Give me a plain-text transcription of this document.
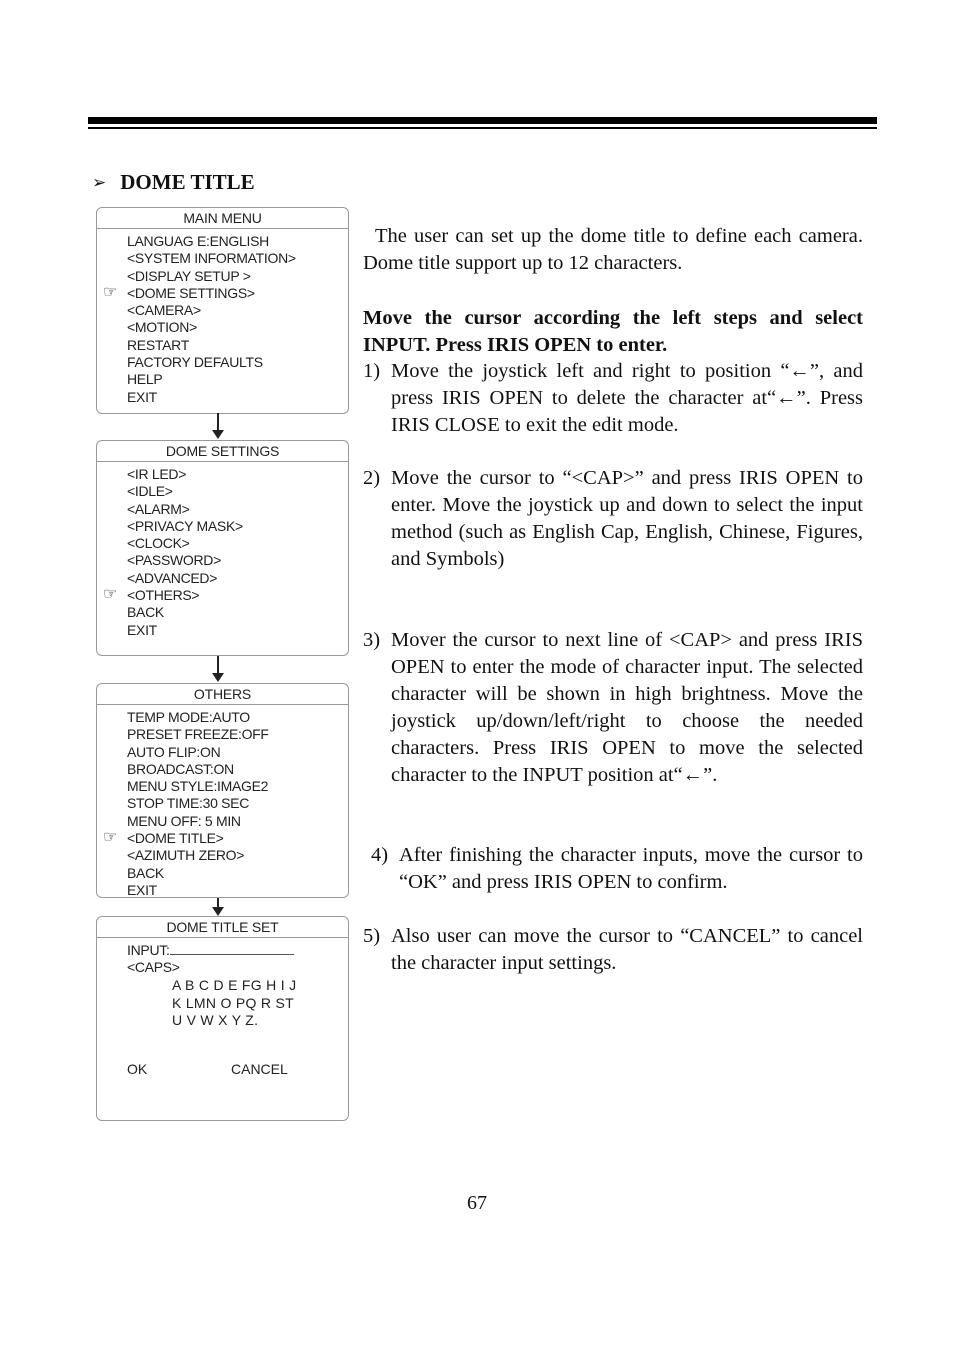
➢ DOME TITLE
MAIN MENU
LANGUAG E:ENGLISH
<SYSTEM INFORMATION>
<DISPLAY SETUP >
☞ <DOME SETTINGS>
<CAMERA>
<MOTION>
RESTART
FACTORY DEFAULTS
HELP
EXIT
DOME SETTINGS
<IR LED>
<IDLE>
<ALARM>
<PRIVACY MASK>
<CLOCK>
<PASSWORD>
<ADVANCED>
☞ <OTHERS>
BACK
EXIT
OTHERS
TEMP MODE:AUTO
PRESET FREEZE:OFF
AUTO FLIP:ON
BROADCAST:ON
MENU STYLE:IMAGE2
STOP TIME:30 SEC
MENU OFF: 5 MIN
☞ <DOME TITLE>
<AZIMUTH ZERO>
BACK
EXIT
DOME TITLE SET
INPUT:
<CAPS>
A B C D E FG H I J
K LMN O PQ R ST
U V W X Y Z.
OK	CANCEL

The user can set up the dome title to define each camera. Dome title support up to 12 characters.

Move the cursor according the left steps and select INPUT. Press IRIS OPEN to enter.

1) Move the joystick left and right to position “←”, and press IRIS OPEN to delete the character at“←”. Press IRIS CLOSE to exit the edit mode.
2) Move the cursor to “<CAP>” and press IRIS OPEN to enter. Move the joystick up and down to select the input method (such as English Cap, English, Chinese, Figures, and Symbols)
3) Mover the cursor to next line of <CAP> and press IRIS OPEN to enter the mode of character input. The selected character will be shown in high brightness. Move the joystick up/down/left/right to choose the needed characters. Press IRIS OPEN to move the selected character to the INPUT position at“←”.
4) After finishing the character inputs, move the cursor to “OK” and press IRIS OPEN to confirm.
5) Also user can move the cursor to “CANCEL” to cancel the character input settings.
67
